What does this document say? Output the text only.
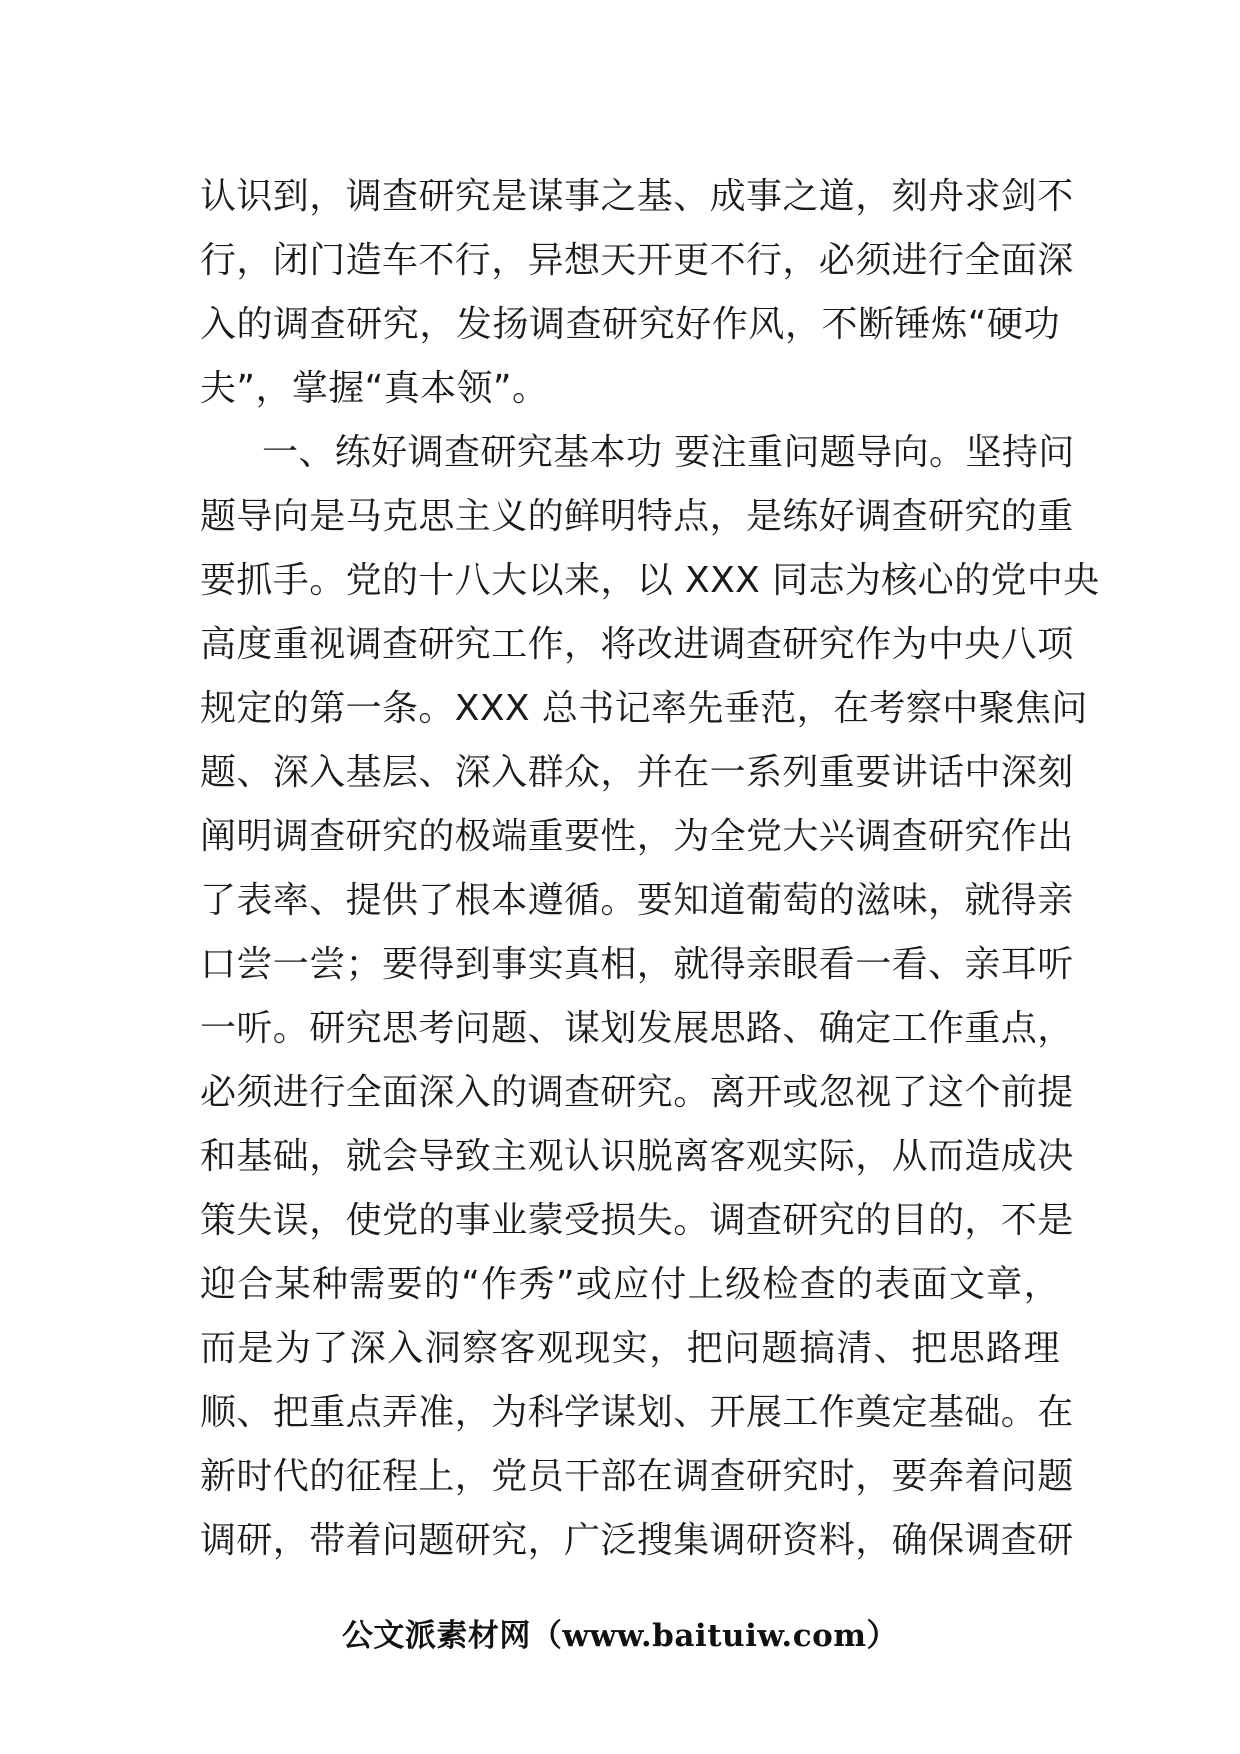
认识到，调查研究是谋事之基、成事之道，刻舟求剑不
行，闭门造车不行，异想天开更不行，必须进行全面深
入的调查研究，发扬调查研究好作风，不断锤炼“硬功
夫”，掌握“真本领”。
一、练好调查研究基本功 要注重问题导向。坚持问
题导向是马克思主义的鲜明特点，是练好调查研究的重
要抓手。党的十八大以来，以 XXX 同志为核心的党中央
高度重视调查研究工作，将改进调查研究作为中央八项
规定的第一条。XXX 总书记率先垂范，在考察中聚焦问
题、深入基层、深入群众，并在一系列重要讲话中深刻
阐明调查研究的极端重要性，为全党大兴调查研究作出
了表率、提供了根本遵循。要知道葡萄的滋味，就得亲
口尝一尝；要得到事实真相，就得亲眼看一看、亲耳听
一听。研究思考问题、谋划发展思路、确定工作重点，
必须进行全面深入的调查研究。离开或忽视了这个前提
和基础，就会导致主观认识脱离客观实际，从而造成决
策失误，使党的事业蒙受损失。调查研究的目的，不是
迎合某种需要的“作秀”或应付上级检查的表面文章，
而是为了深入洞察客观现实，把问题搞清、把思路理
顺、把重点弄准，为科学谋划、开展工作奠定基础。在
新时代的征程上，党员干部在调查研究时，要奔着问题
调研，带着问题研究，广泛搜集调研资料，确保调查研
公文派素材网（www.baituiw.com）
